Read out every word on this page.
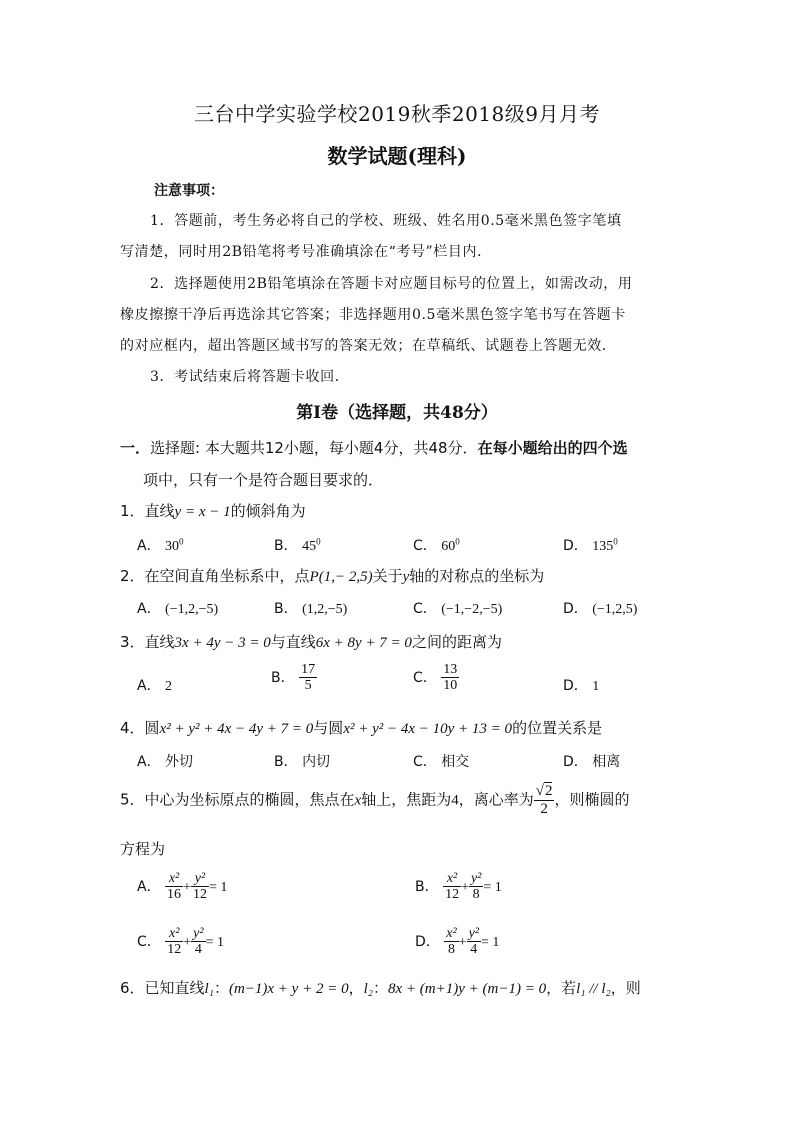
三台中学实验学校2019秋季2018级9月月考
数学试题(理科)
注意事项：
1．答题前，考生务必将自己的学校、班级、姓名用0.5毫米黑色签字笔填
写清楚，同时用2B铅笔将考号准确填涂在“考号”栏目内．
2．选择题使用2B铅笔填涂在答题卡对应题目标号的位置上，如需改动，用
橡皮擦擦干净后再选涂其它答案；非选择题用0.5毫米黑色签字笔书写在答题卡
的对应框内，超出答题区域书写的答案无效；在草稿纸、试题卷上答题无效．
3．考试结束后将答题卡收回．
第Ⅰ卷（选择题，共48分）
一．选择题: 本大题共12小题，每小题4分，共48分．在每小题给出的四个选
项中，只有一个是符合题目要求的．
1．直线y = x − 1的倾斜角为
A． $30^0$	B． $45^0$	C． $60^0$	D． $135^0$
2．在空间直角坐标系中，点P(1,− 2,5)关于y轴的对称点的坐标为
A． (−1,2,−5)	B． (1,2,−5)	C． (−1,−2,−5)	D． (−1,2,5)
3．直线3x + 4y − 3 = 0与直线6x + 8y + 7 = 0之间的距离为
A． 2
B． $\frac{17}{5}$	C． $\frac{13}{10}$	D． 1
4．圆x² + y² + 4x − 4y + 7 = 0与圆x² + y² − 4x − 10y + 13 = 0的位置关系是
A． 外切	B． 内切	C． 相交	D． 相离
5．中心为坐标原点的椭圆，焦点在x轴上，焦距为4，离心率为 $\frac{√2}{2}$ ，则椭圆的
方程为
A． $\frac{\text{x²}}{16} + \frac{\text{y²}}{12} = 1$	B． $\frac{\text{x²}}{12} + \frac{\text{y²}}{8} = 1$
C． $\frac{\text{x²}}{12} + \frac{\text{y²}}{4} = 1$	D． $\frac{\text{x²}}{8} + \frac{\text{y²}}{4} = 1$
6．已知直线l₁：(m−1)x + y + 2 = 0，l₂：8x + (m+1)y + (m−1) = 0，若l₁ // l₂，则
